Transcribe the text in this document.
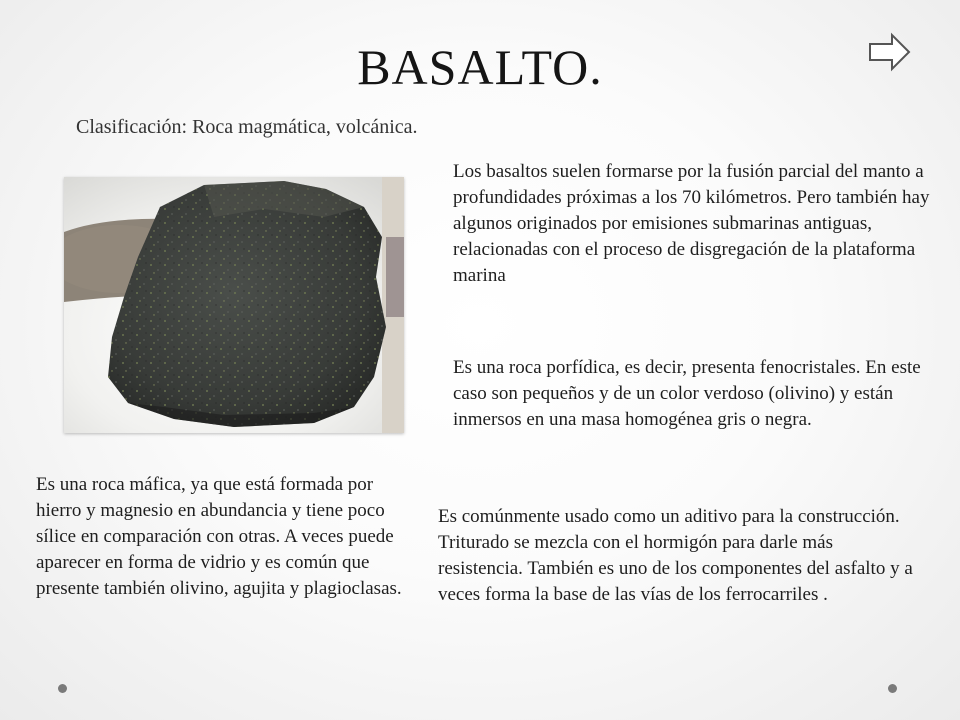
BASALTO.
Clasificación: Roca magmática, volcánica.

Los basaltos suelen formarse por la fusión parcial del manto a profundidades próximas a los 70 kilómetros. Pero también hay algunos originados por emisiones submarinas antiguas, relacionadas con el proceso de disgregación de la plataforma marina

Es una roca porfídica, es decir, presenta fenocristales. En este caso son pequeños y de un color verdoso (olivino) y están inmersos en una masa homogénea gris o negra.

Es una roca máfica, ya que está formada por hierro y magnesio en abundancia y tiene poco sílice en comparación con otras. A veces puede aparecer en forma de vidrio y es común que presente también olivino, agujita y plagioclasas.

Es comúnmente usado como un aditivo para la construcción. Triturado se mezcla con el hormigón para darle más resistencia. También es uno de los componentes del asfalto y a veces forma la base de las vías de los ferrocarriles .
